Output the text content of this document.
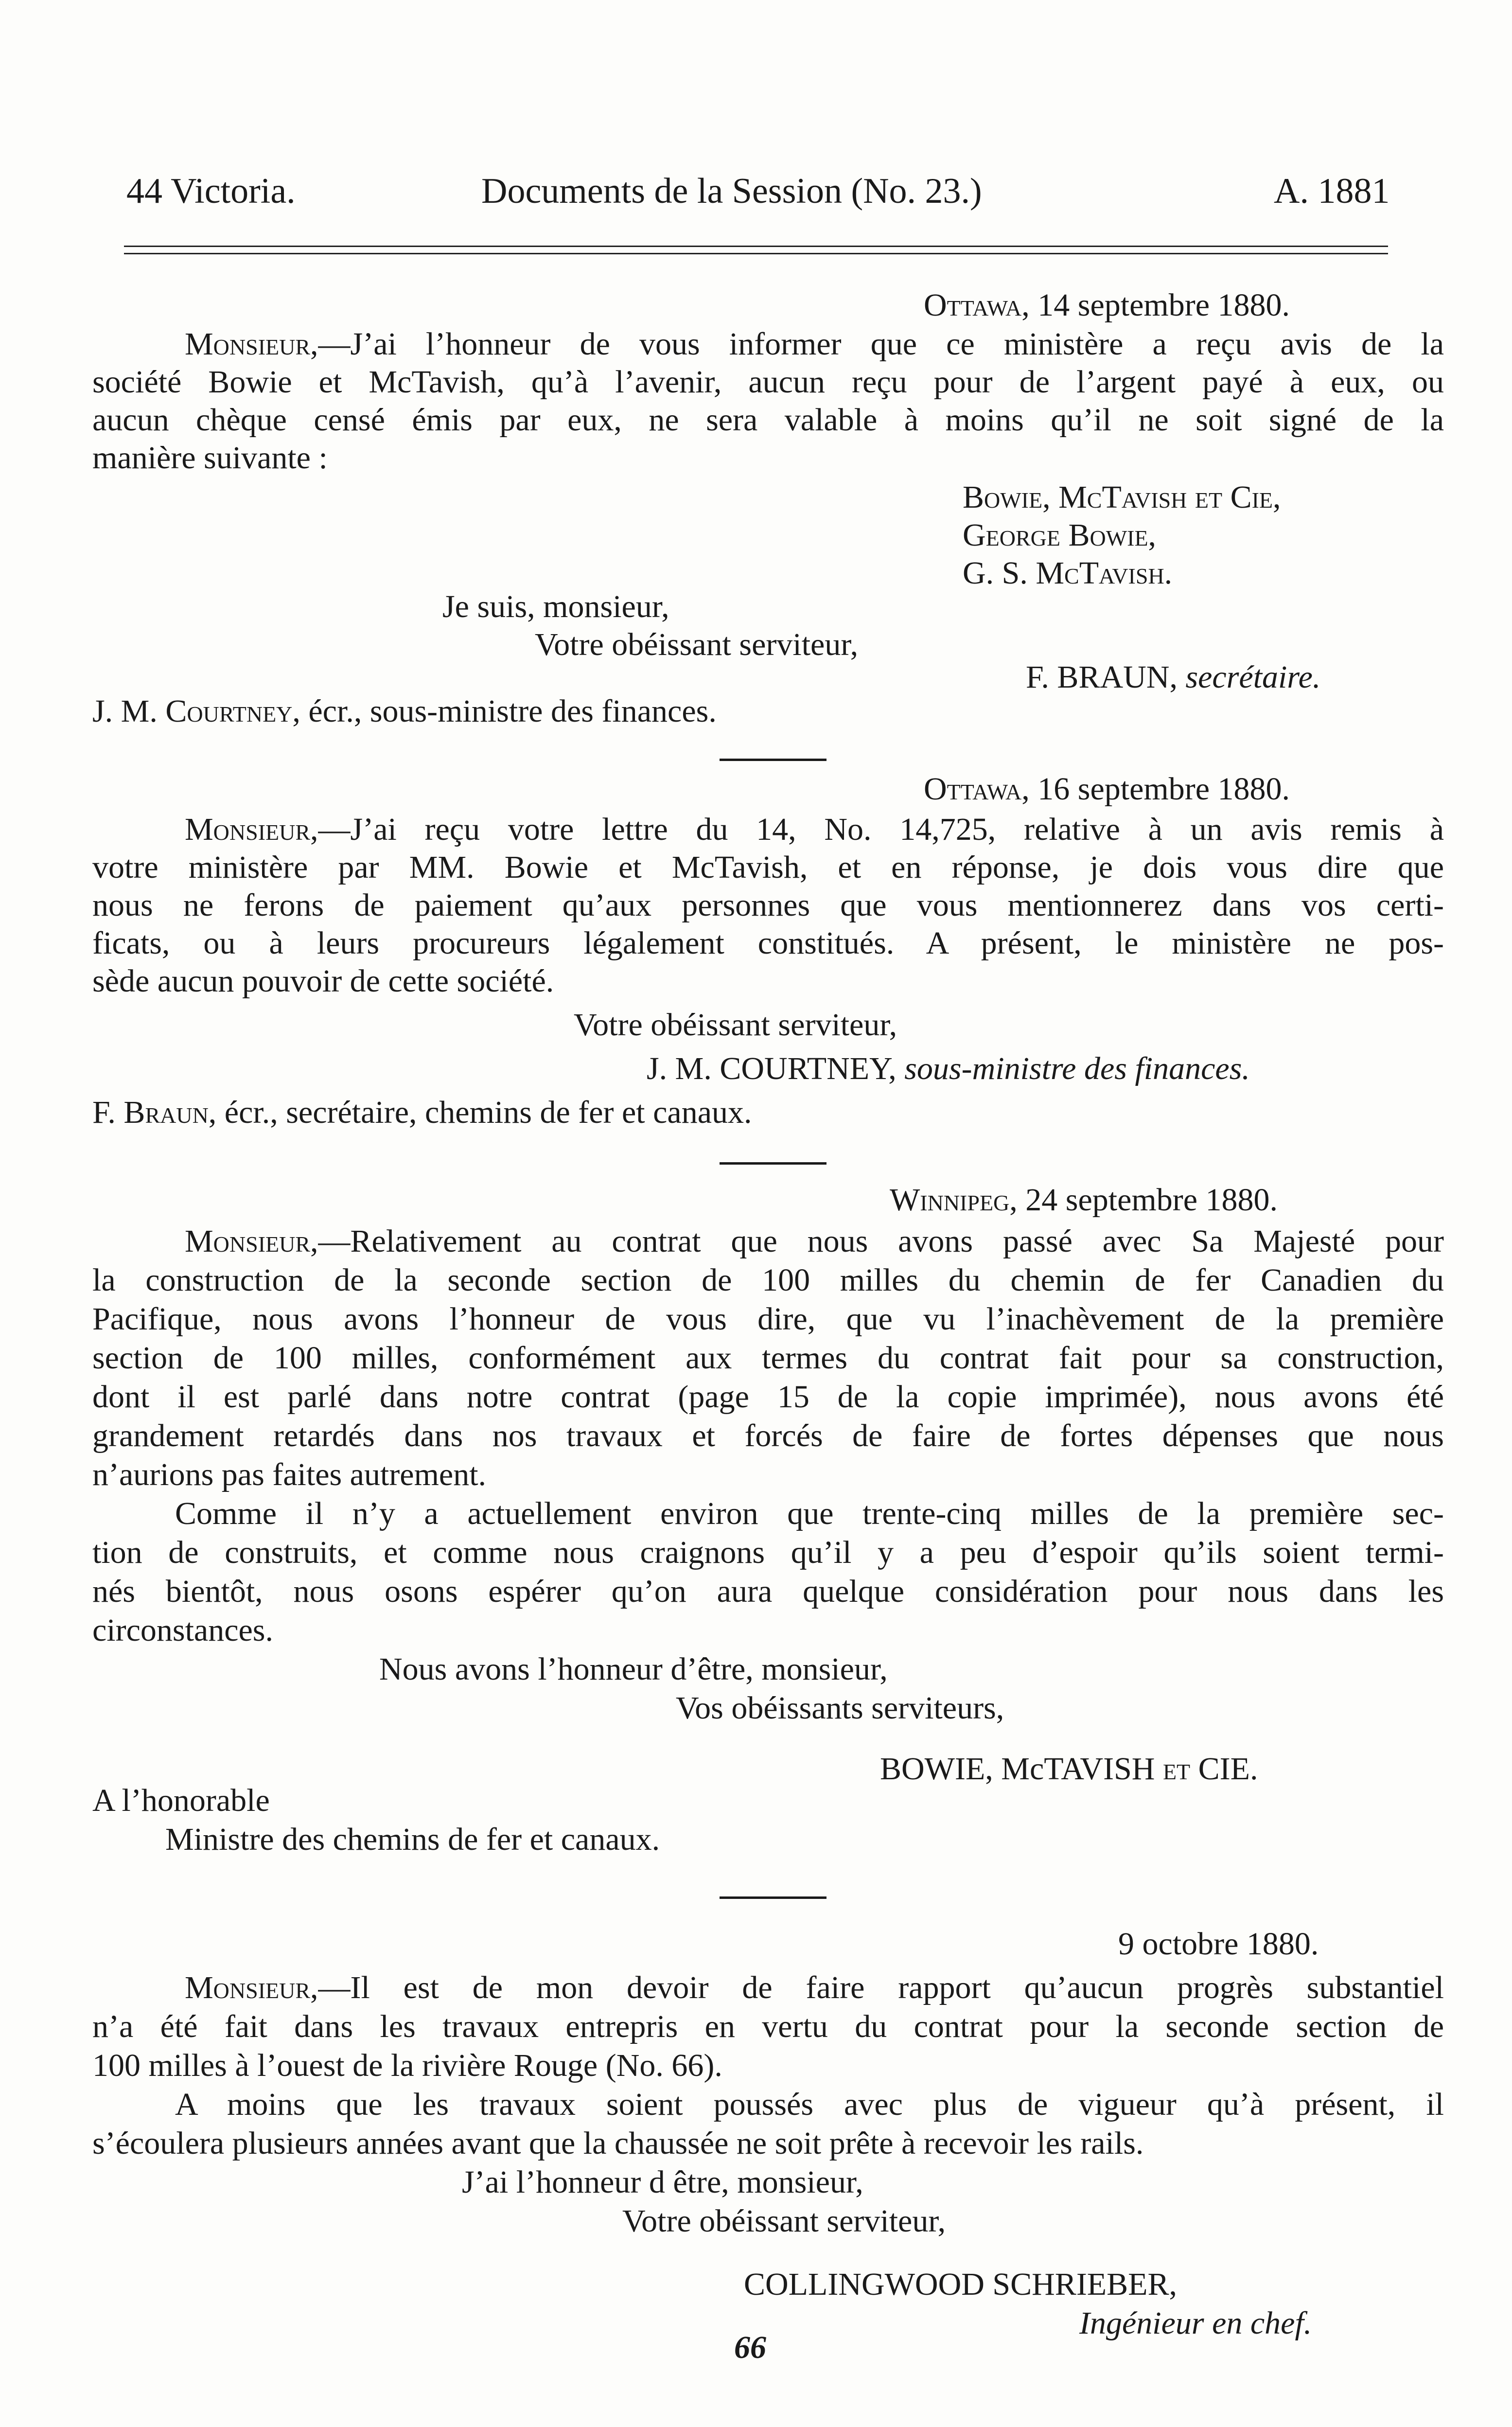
44 Victoria.	Documents de la Session (No. 23.)	A. 1881
Ottawa, 14 septembre 1880.
Monsieur,—J’ai l’honneur de vous informer que ce ministère a reçu avis de la
société Bowie et McTavish, qu’à l’avenir, aucun reçu pour de l’argent payé à eux, ou
aucun chèque censé émis par eux, ne sera valable à moins qu’il ne soit signé de la
manière suivante :
Bowie, McTavish et Cie,
George Bowie,
G. S. McTavish.
Je suis, monsieur,
Votre obéissant serviteur,
F. BRAUN, secrétaire.
J. M. Courtney, écr., sous-ministre des finances.
Ottawa, 16 septembre 1880.
Monsieur,—J’ai reçu votre lettre du 14, No. 14,725, relative à un avis remis à
votre ministère par MM. Bowie et McTavish, et en réponse, je dois vous dire que
nous ne ferons de paiement qu’aux personnes que vous mentionnerez dans vos certi-
ficats, ou à leurs procureurs légalement constitués. A présent, le ministère ne pos-
sède aucun pouvoir de cette société.
Votre obéissant serviteur,
J. M. COURTNEY, sous-ministre des finances.
F. Braun, écr., secrétaire, chemins de fer et canaux.
Winnipeg, 24 septembre 1880.
Monsieur,—Relativement au contrat que nous avons passé avec Sa Majesté pour
la construction de la seconde section de 100 milles du chemin de fer Canadien du
Pacifique, nous avons l’honneur de vous dire, que vu l’inachèvement de la première
section de 100 milles, conformément aux termes du contrat fait pour sa construction,
dont il est parlé dans notre contrat (page 15 de la copie imprimée), nous avons été
grandement retardés dans nos travaux et forcés de faire de fortes dépenses que nous
n’aurions pas faites autrement.
Comme il n’y a actuellement environ que trente-cinq milles de la première sec-
tion de construits, et comme nous craignons qu’il y a peu d’espoir qu’ils soient termi-
nés bientôt, nous osons espérer qu’on aura quelque considération pour nous dans les
circonstances.
Nous avons l’honneur d’être, monsieur,
Vos obéissants serviteurs,
BOWIE, McTAVISH et CIE.
A l’honorable
Ministre des chemins de fer et canaux.
9 octobre 1880.
Monsieur,—Il est de mon devoir de faire rapport qu’aucun progrès substantiel
n’a été fait dans les travaux entrepris en vertu du contrat pour la seconde section de
100 milles à l’ouest de la rivière Rouge (No. 66).
A moins que les travaux soient poussés avec plus de vigueur qu’à présent, il
s’écoulera plusieurs années avant que la chaussée ne soit prête à recevoir les rails.
J’ai l’honneur d être, monsieur,
Votre obéissant serviteur,
COLLINGWOOD SCHRIEBER,
Ingénieur en chef.
66
